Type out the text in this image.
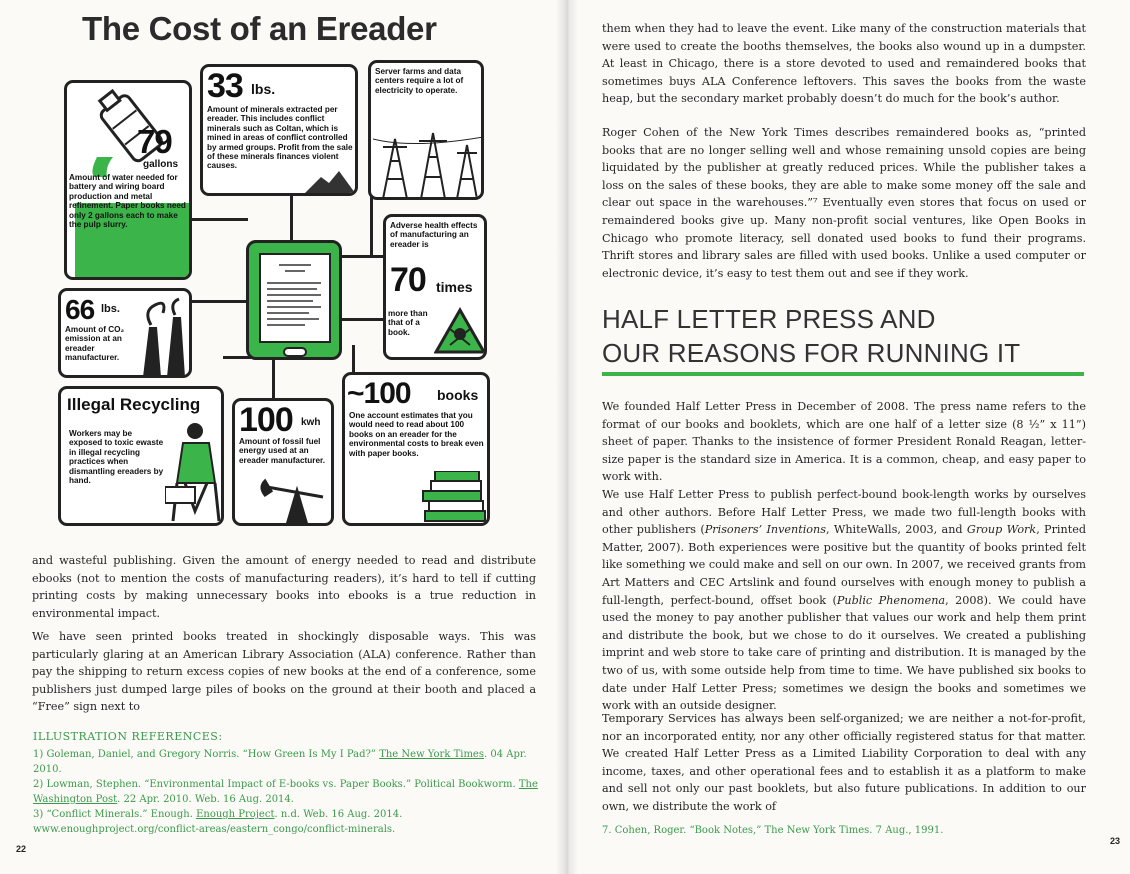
The Cost of an Ereader
79
gallons
Amount of water needed for battery and wiring board production and metal refinement. Paper books need only 2 gallons each to make the pulp slurry.
33 lbs.
Amount of minerals extracted per ereader. This includes conflict minerals such as Coltan, which is mined in areas of conflict controlled by armed groups. Profit from the sale of these minerals finances violent causes.
Server farms and data centers require a lot of electricity to operate.
Adverse health effects of manufacturing an ereader is
70 times
more than that of a book.
66 lbs.
Amount of CO₂ emission at an ereader manufacturer.
Illegal Recycling
Workers may be exposed to toxic ewaste in illegal recycling practices when dismantling ereaders by hand.
100 kwh
Amount of fossil fuel energy used at an ereader manufacturer.
~100 books
One account estimates that you would need to read about 100 books on an ereader for the environmental costs to break even with paper books.

and wasteful publishing. Given the amount of energy needed to read and distribute ebooks (not to mention the costs of manufacturing readers), it’s hard to tell if cutting printing costs by making unnecessary books into ebooks is a true reduction in environmental impact.

We have seen printed books treated in shockingly disposable ways. This was particularly glaring at an American Library Association (ALA) conference. Rather than pay the shipping to return excess copies of new books at the end of a conference, some publishers just dumped large piles of books on the ground at their booth and placed a “Free” sign next to

ILLUSTRATION REFERENCES:
1) Goleman, Daniel, and Gregory Norris. “How Green Is My I Pad?” The New York Times. 04 Apr. 2010.
2) Lowman, Stephen. “Environmental Impact of E-books vs. Paper Books.” Political Bookworm. The Washington Post. 22 Apr. 2010. Web. 16 Aug. 2014.
3) “Conflict Minerals.” Enough. Enough Project. n.d. Web. 16 Aug. 2014.
www.enoughproject.org/conflict-areas/eastern_congo/conflict-minerals.
22

them when they had to leave the event. Like many of the construction materials that were used to create the booths themselves, the books also wound up in a dumpster. At least in Chicago, there is a store devoted to used and remaindered books that sometimes buys ALA Conference leftovers. This saves the books from the waste heap, but the secondary market probably doesn’t do much for the book’s author.

Roger Cohen of the New York Times describes remaindered books as, “printed books that are no longer selling well and whose remaining unsold copies are being liquidated by the publisher at greatly reduced prices. While the publisher takes a loss on the sales of these books, they are able to make some money off the sale and clear out space in the warehouses.”⁷ Eventually even stores that focus on used or remaindered books give up. Many non-profit social ventures, like Open Books in Chicago who promote literacy, sell donated used books to fund their programs. Thrift stores and library sales are filled with used books. Unlike a used computer or electronic device, it’s easy to test them out and see if they work.

HALF LETTER PRESS AND
OUR REASONS FOR RUNNING IT

We founded Half Letter Press in December of 2008. The press name refers to the format of our books and booklets, which are one half of a letter size (8 ½” x 11”) sheet of paper. Thanks to the insistence of former President Ronald Reagan, letter-size paper is the standard size in America. It is a common, cheap, and easy paper to work with.

We use Half Letter Press to publish perfect-bound book-length works by ourselves and other authors. Before Half Letter Press, we made two full-length books with other publishers (Prisoners’ Inventions, WhiteWalls, 2003, and Group Work, Printed Matter, 2007). Both experiences were positive but the quantity of books printed felt like something we could make and sell on our own. In 2007, we received grants from Art Matters and CEC Artslink and found ourselves with enough money to publish a full-length, perfect-bound, offset book (Public Phenomena, 2008). We could have used the money to pay another publisher that values our work and help them print and distribute the book, but we chose to do it ourselves. We created a publishing imprint and web store to take care of printing and distribution. It is managed by the two of us, with some outside help from time to time. We have published six books to date under Half Letter Press; sometimes we design the books and sometimes we work with an outside designer.

Temporary Services has always been self-organized; we are neither a not-for-profit, nor an incorporated entity, nor any other officially registered status for that matter. We created Half Letter Press as a Limited Liability Corporation to deal with any income, taxes, and other operational fees and to establish it as a platform to make and sell not only our past booklets, but also future publications. In addition to our own, we distribute the work of

7. Cohen, Roger. “Book Notes,” The New York Times. 7 Aug., 1991.
23
